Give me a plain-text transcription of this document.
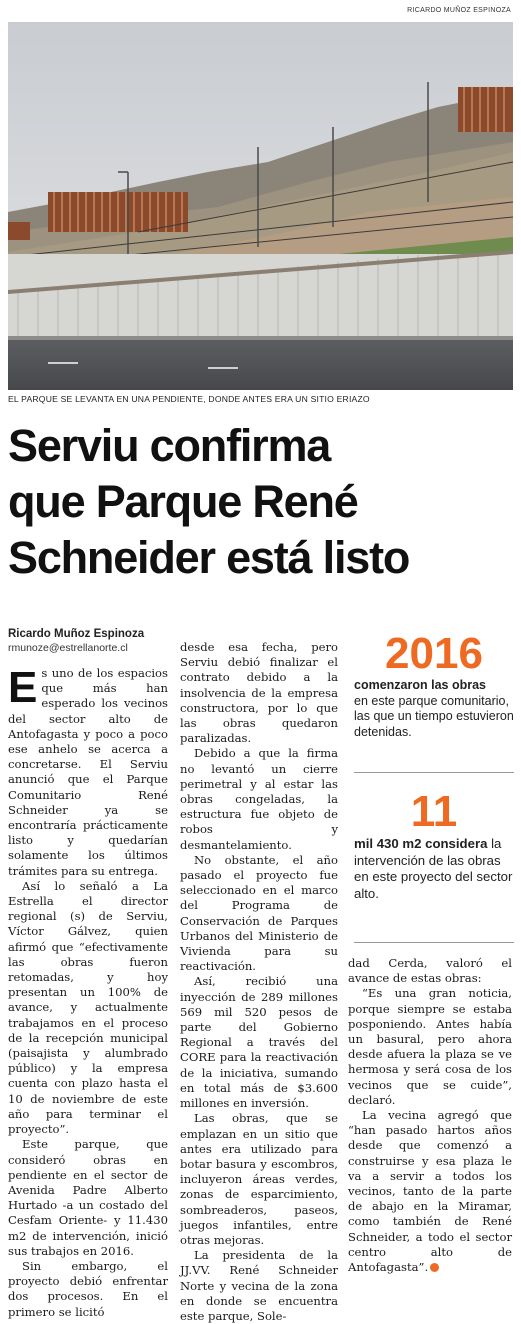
RICARDO MUÑOZ ESPINOZA
EL PARQUE SE LEVANTA EN UNA PENDIENTE, DONDE ANTES ERA UN SITIO ERIAZO
Serviu confirma
que Parque René
Schneider está listo
Ricardo Muñoz Espinoza
rmunoze@estrellanorte.cl

Es uno de los espacios que más han esperado los vecinos del sector alto de Antofagasta y poco a poco ese anhelo se acerca a concretarse. El Serviu anunció que el Parque Comunitario René Schneider ya se encontraría prácticamente listo y quedarían solamente los últimos trámites para su entrega.

Así lo señaló a La Estrella el director regional (s) de Serviu, Víctor Gálvez, quien afirmó que “efectivamente las obras fueron retomadas, y hoy presentan un 100% de avance, y actualmente trabajamos en el proceso de la recepción municipal (paisajista y alumbrado público) y la empresa cuenta con plazo hasta el 10 de noviembre de este año para terminar el proyecto”.

Este parque, que consideró obras en pendiente en el sector de Avenida Padre Alberto Hurtado -a un costado del Cesfam Oriente- y 11.430 m2 de intervención, inició sus trabajos en 2016.

Sin embargo, el proyecto debió enfrentar dos procesos. En el primero se licitó

desde esa fecha, pero Serviu debió finalizar el contrato debido a la insolvencia de la empresa constructora, por lo que las obras quedaron paralizadas.

Debido a que la firma no levantó un cierre perimetral y al estar las obras congeladas, la estructura fue objeto de robos y desmantelamiento.

No obstante, el año pasado el proyecto fue seleccionado en el marco del Programa de Conservación de Parques Urbanos del Ministerio de Vivienda para su reactivación.

Así, recibió una inyección de 289 millones 569 mil 520 pesos de parte del Gobierno Regional a través del CORE para la reactivación de la iniciativa, sumando en total más de $3.600 millones en inversión.

Las obras, que se emplazan en un sitio que antes era utilizado para botar basura y escombros, incluyeron áreas verdes, zonas de esparcimiento, sombreaderos, paseos, juegos infantiles, entre otras mejoras.

La presidenta de la JJ.VV. René Schneider Norte y vecina de la zona en donde se encuentra este parque, Sole-

2016
comenzaron las obras
en este parque comunitario, las que un tiempo estuvieron detenidas.
11
mil 430 m2 considera la intervención de las obras en este proyecto del sector alto.

dad Cerda, valoró el avance de estas obras:

“Es una gran noticia, porque siempre se estaba posponiendo. Antes había un basural, pero ahora desde afuera la plaza se ve hermosa y será cosa de los vecinos que se cuide”, declaró.

La vecina agregó que “han pasado hartos años desde que comenzó a construirse y esa plaza le va a servir a todos los vecinos, tanto de la parte de abajo en la Miramar, como también de René Schneider, a todo el sector centro alto de Antofagasta”.
